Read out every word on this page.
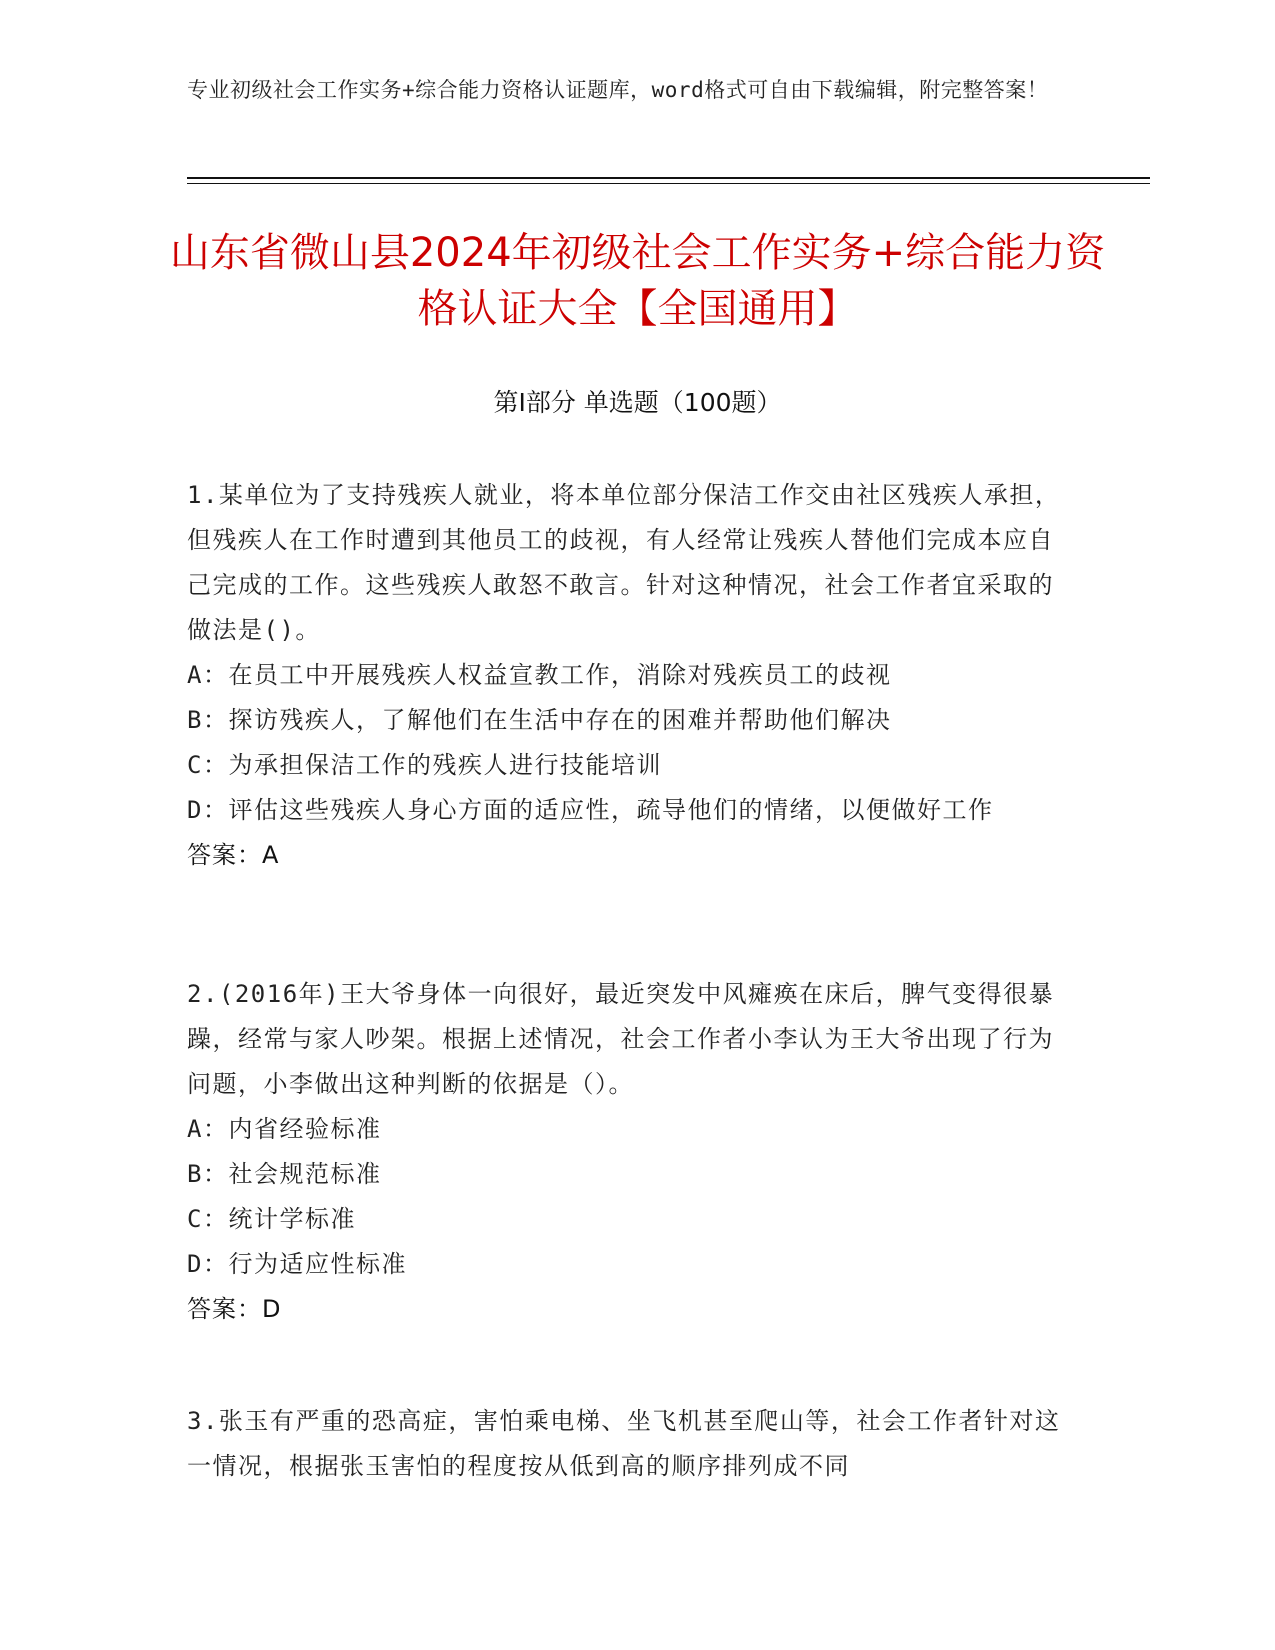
专业初级社会工作实务+综合能力资格认证题库，word格式可自由下载编辑，附完整答案！
山东省微山县2024年初级社会工作实务+综合能力资格认证大全【全国通用】
第Ⅰ部分 单选题（100题）

1.某单位为了支持残疾人就业，将本单位部分保洁工作交由社区残疾人承担，但残疾人在工作时遭到其他员工的歧视，有人经常让残疾人替他们完成本应自己完成的工作。这些残疾人敢怒不敢言。针对这种情况，社会工作者宜采取的做法是()。

A：在员工中开展残疾人权益宣教工作，消除对残疾员工的歧视

B：探访残疾人，了解他们在生活中存在的困难并帮助他们解决

C：为承担保洁工作的残疾人进行技能培训

D：评估这些残疾人身心方面的适应性，疏导他们的情绪，以便做好工作

答案：A

2.(2016年)王大爷身体一向很好，最近突发中风瘫痪在床后，脾气变得很暴躁，经常与家人吵架。根据上述情况，社会工作者小李认为王大爷出现了行为问题，小李做出这种判断的依据是（）。

A：内省经验标准

B：社会规范标准

C：统计学标准

D：行为适应性标准

答案：D

3.张玉有严重的恐高症，害怕乘电梯、坐飞机甚至爬山等，社会工作者针对这一情况，根据张玉害怕的程度按从低到高的顺序排列成不同
